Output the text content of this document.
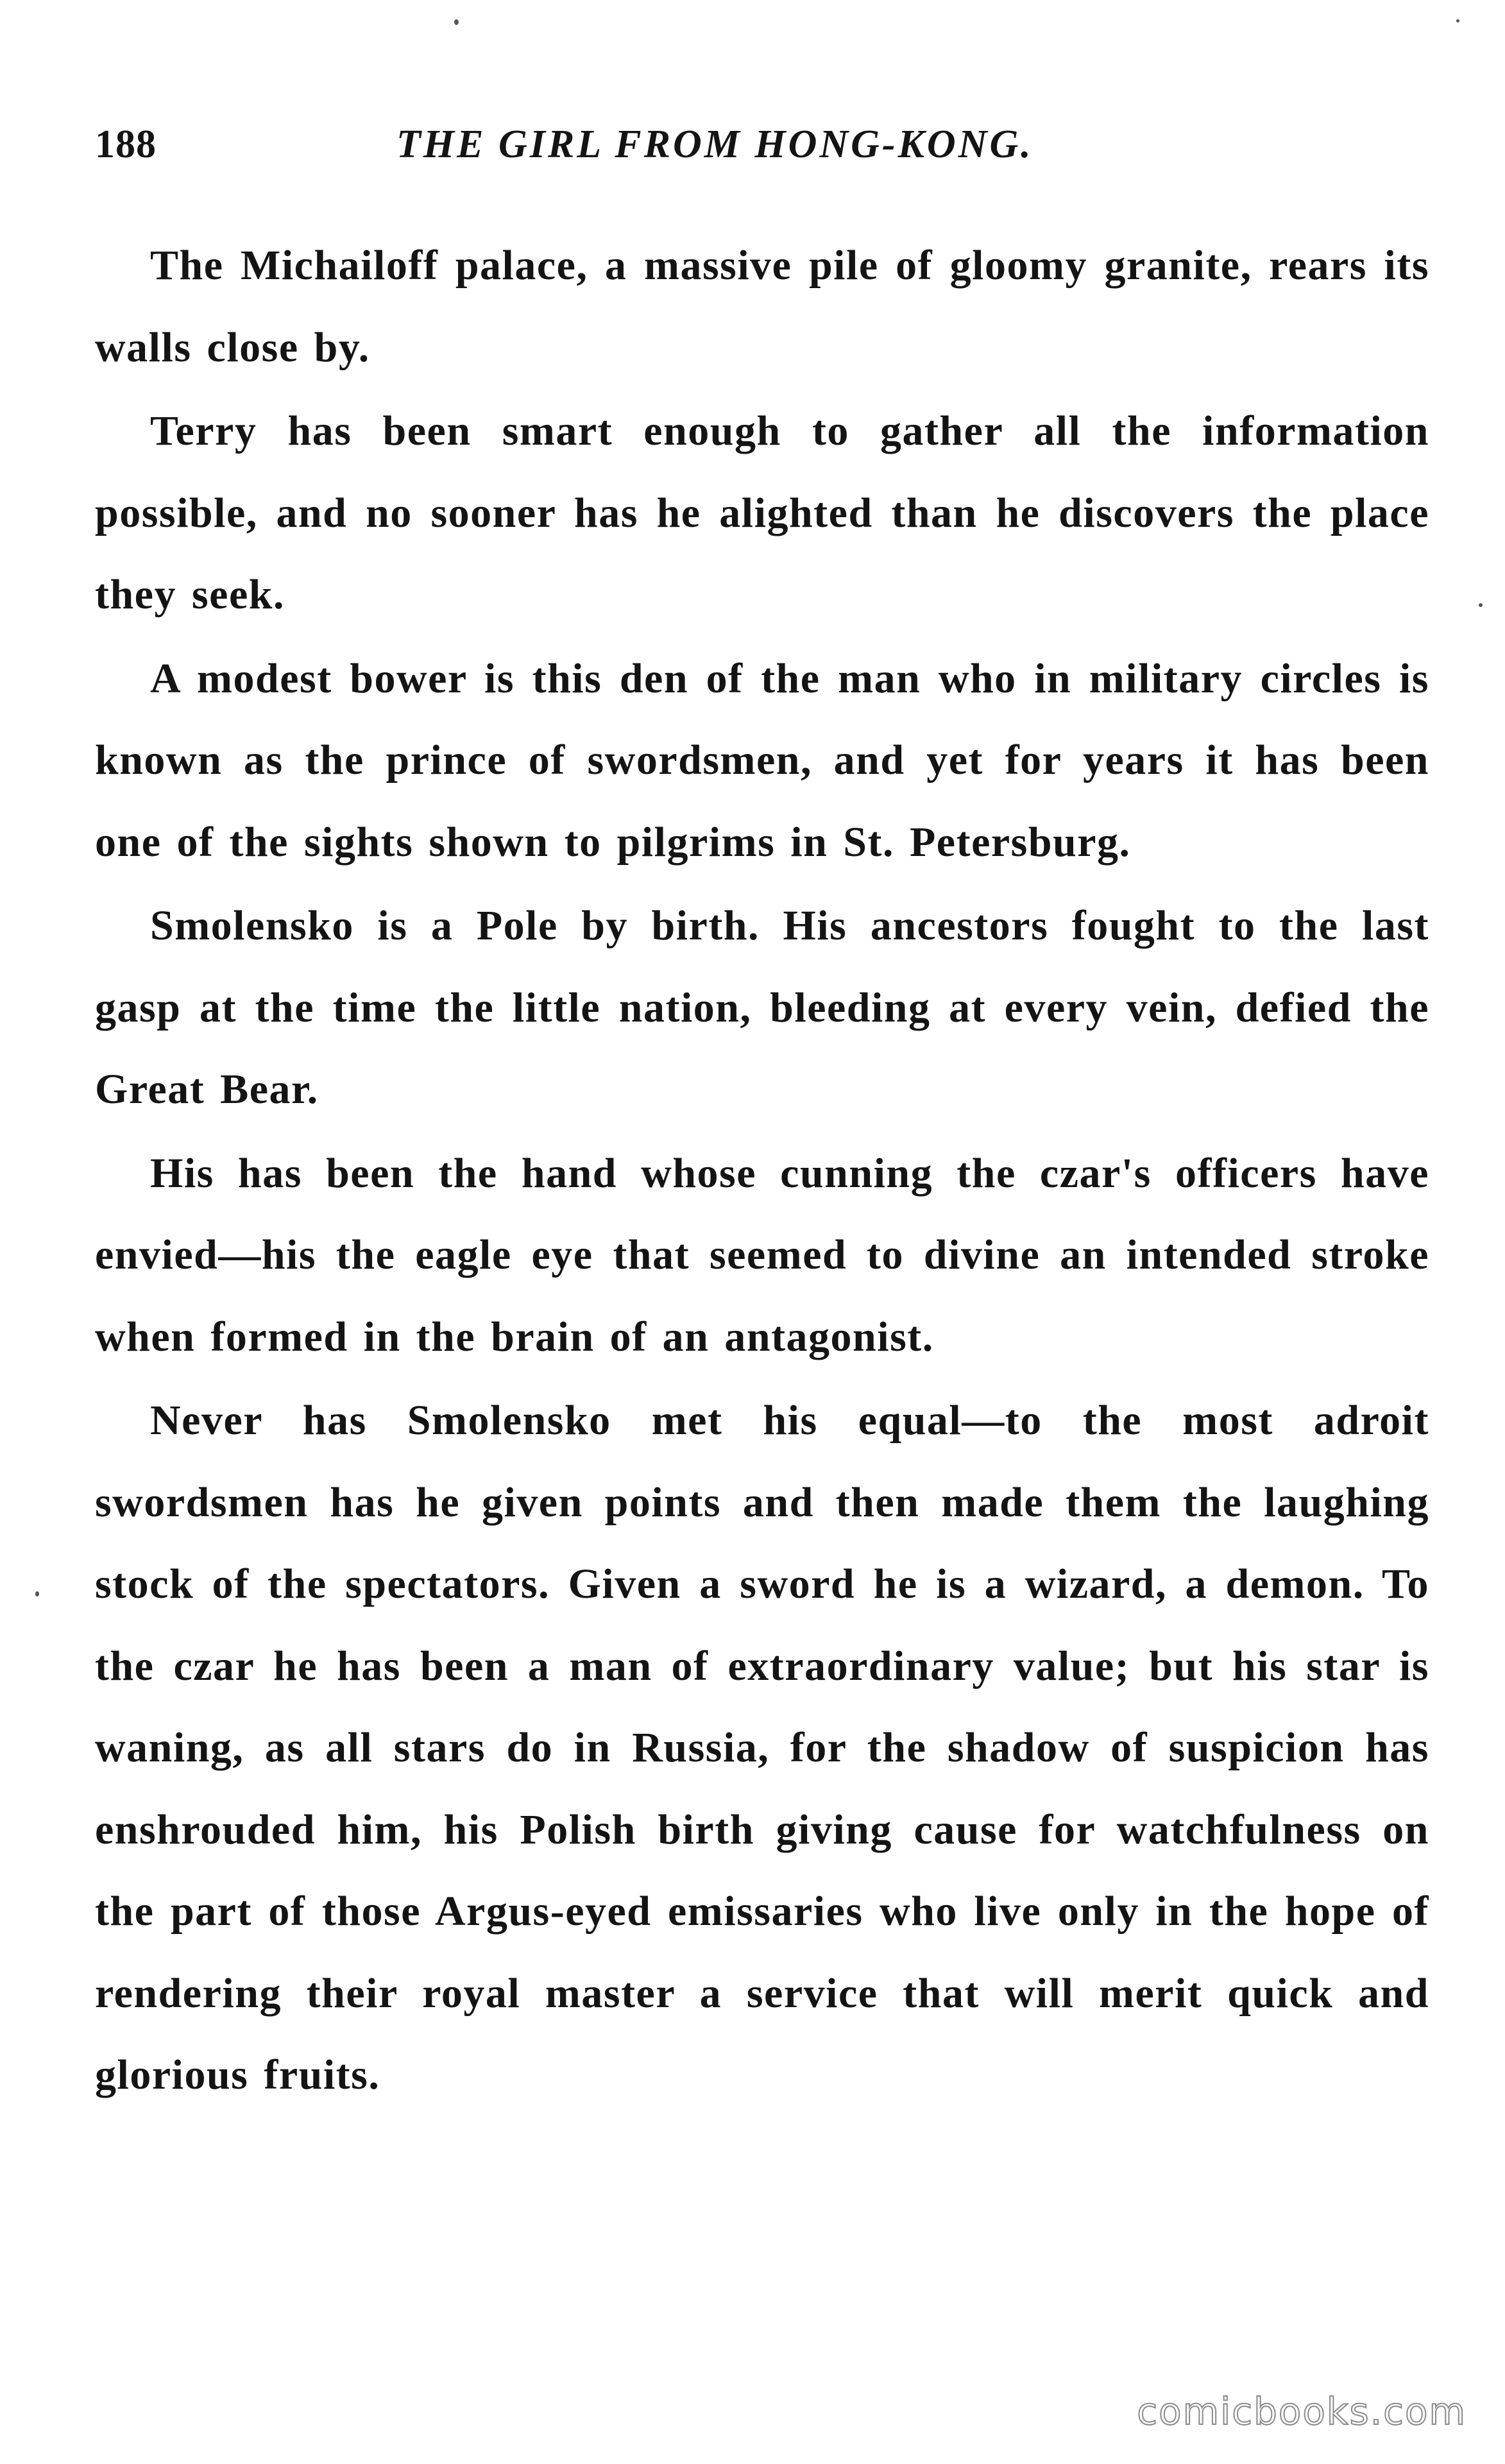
188	THE GIRL FROM HONG-KONG.

The Michailoff palace, a massive pile of gloomy granite, rears its walls close by.

Terry has been smart enough to gather all the information possible, and no sooner has he alighted than he discovers the place they seek.

A modest bower is this den of the man who in military circles is known as the prince of swordsmen, and yet for years it has been one of the sights shown to pilgrims in St. Petersburg.

Smolensko is a Pole by birth. His ancestors fought to the last gasp at the time the little nation, bleeding at every vein, defied the Great Bear.

His has been the hand whose cunning the czar's officers have envied—his the eagle eye that seemed to divine an intended stroke when formed in the brain of an antagonist.

Never has Smolensko met his equal—to the most adroit swordsmen has he given points and then made them the laughing stock of the spectators. Given a sword he is a wizard, a demon. To the czar he has been a man of extraordinary value; but his star is waning, as all stars do in Russia, for the shadow of suspicion has enshrouded him, his Polish birth giving cause for watchfulness on the part of those Argus-eyed emissaries who live only in the hope of rendering their royal master a service that will merit quick and glorious fruits.

comicbooks.com
